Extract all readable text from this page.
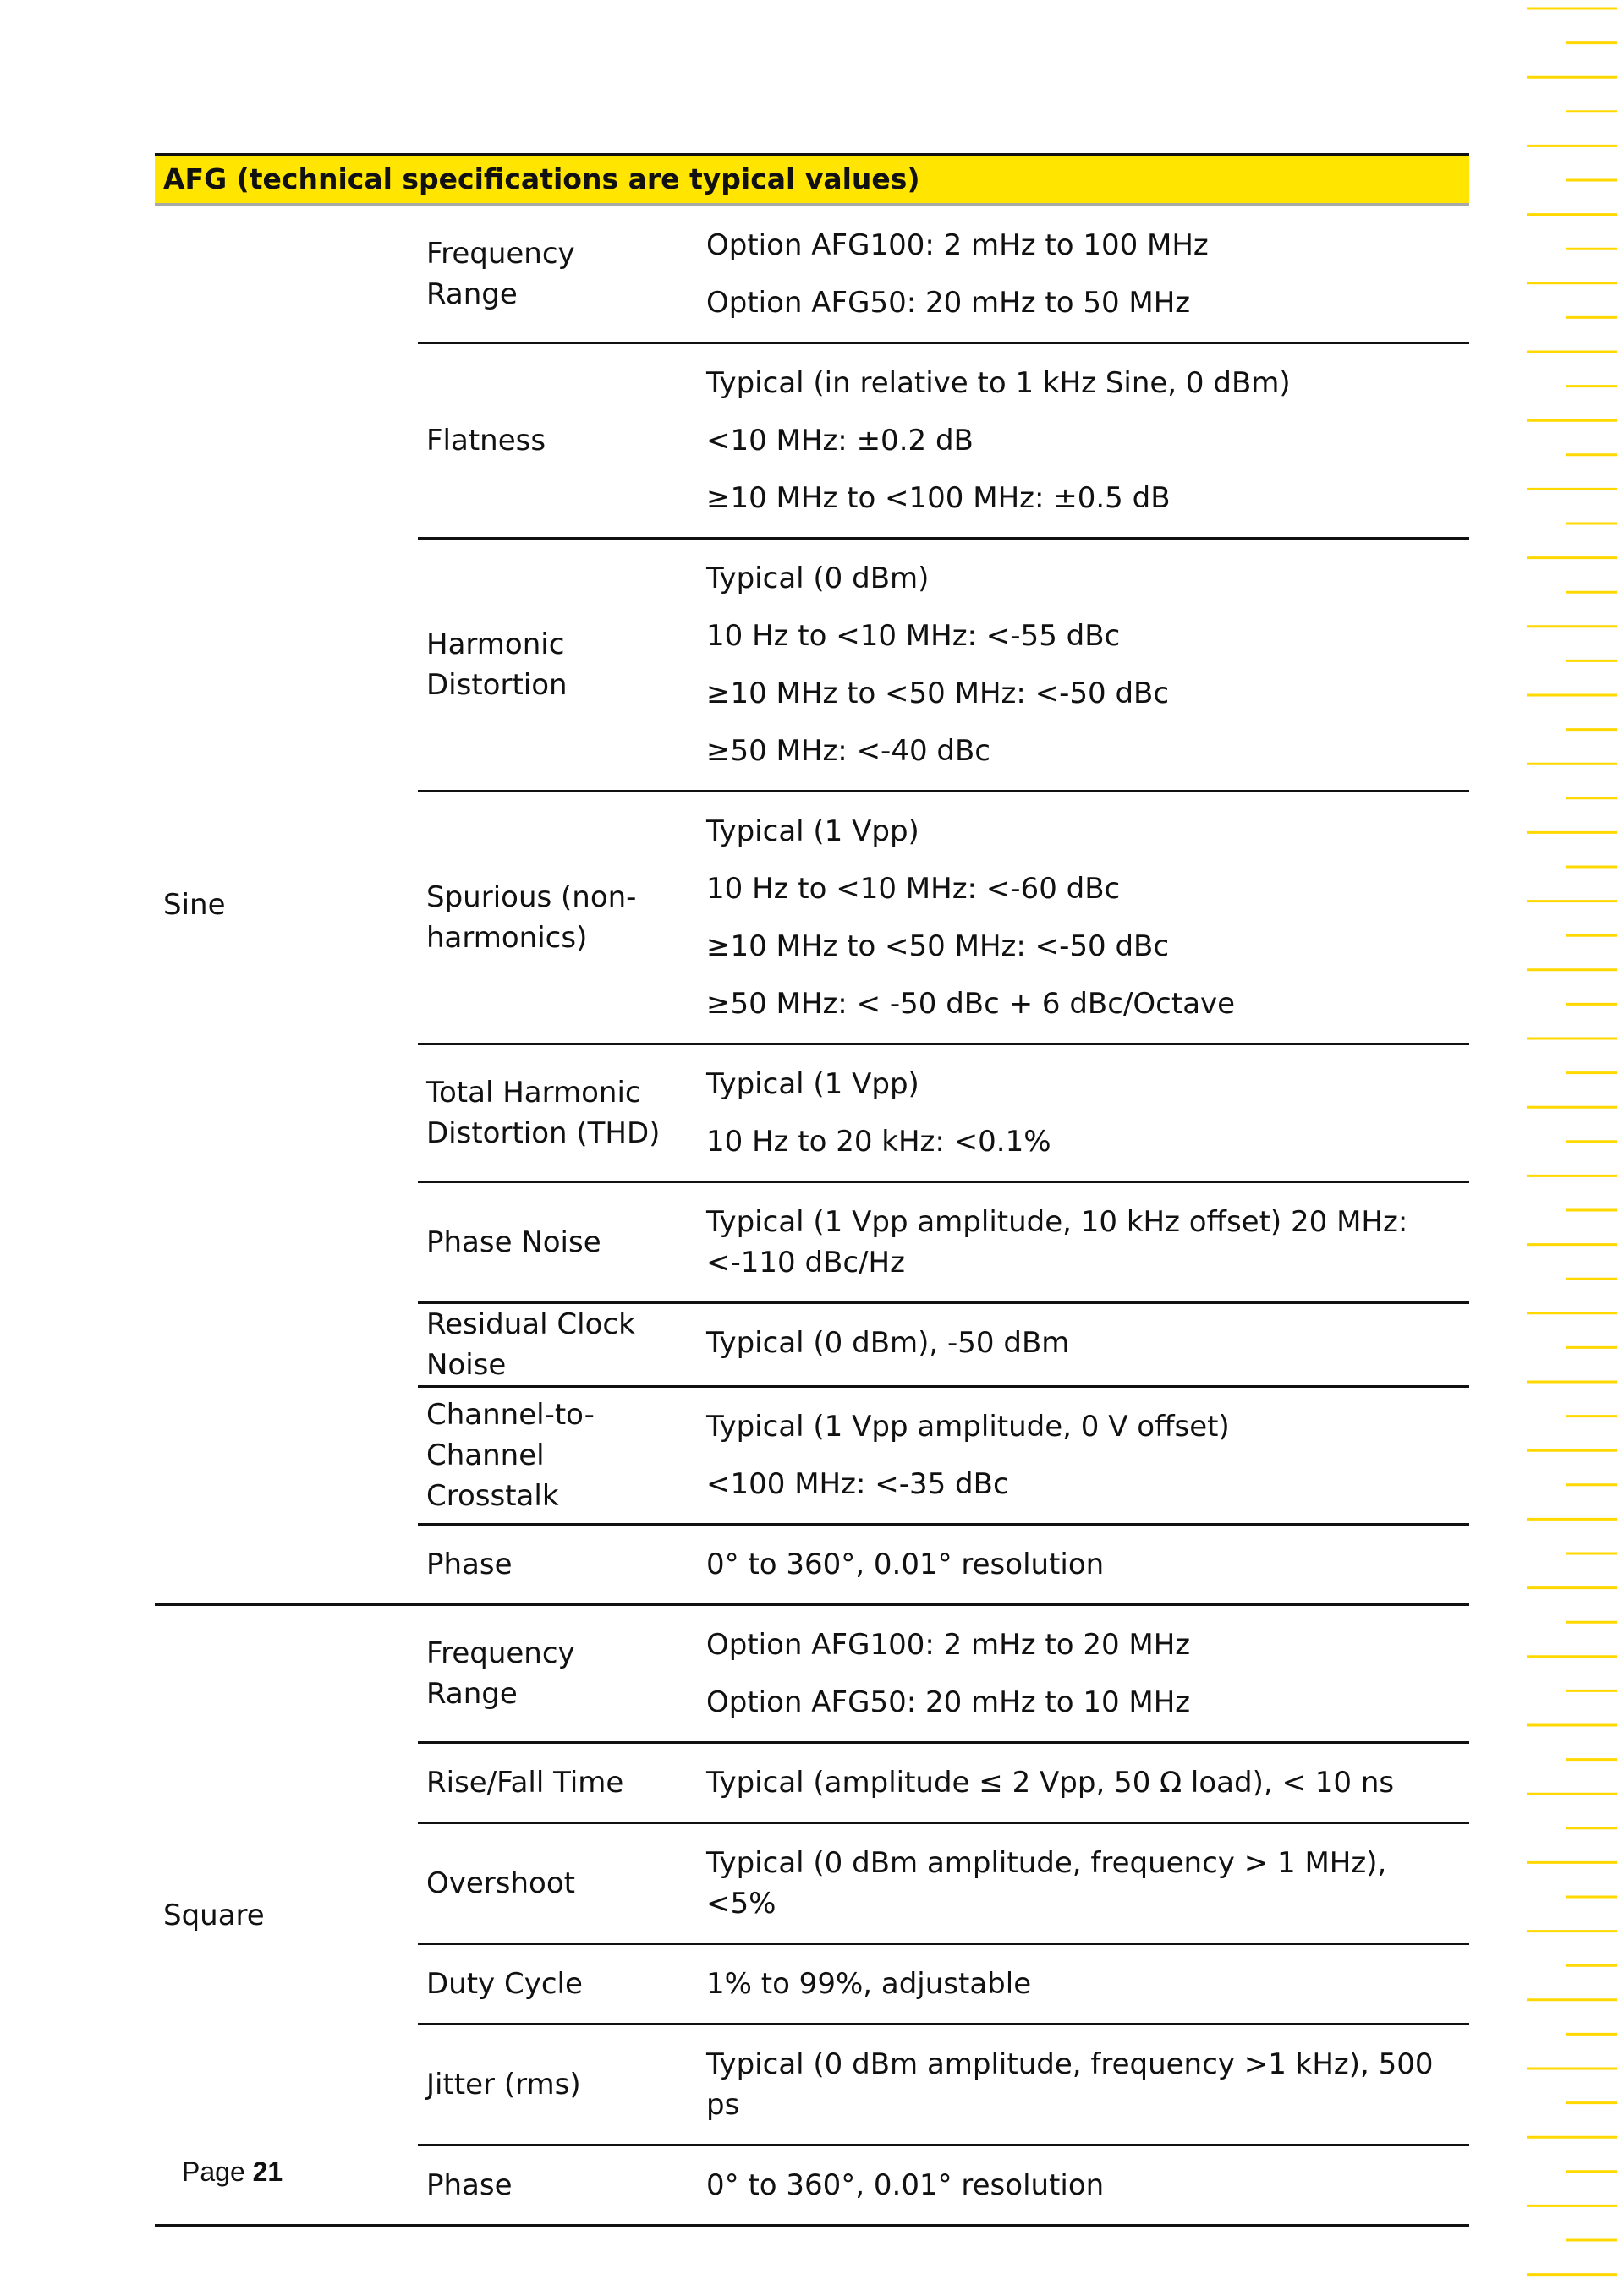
AFG (technical specifications are typical values)		
Sine	Frequency Range	Option AFG100: 2 mHz to 100 MHz
Option AFG50: 20 mHz to 50 MHz

	Flatness	Typical (in relative to 1 kHz Sine, 0 dBm)
<10 MHz: ±0.2 dB
≥10 MHz to <100 MHz: ±0.5 dB

	Harmonic Distortion	Typical (0 dBm)
10 Hz to <10 MHz: <-55 dBc
≥10 MHz to <50 MHz: <-50 dBc
≥50 MHz: <-40 dBc

	Spurious (non-harmonics)	Typical (1 Vpp)
10 Hz to <10 MHz: <-60 dBc
≥10 MHz to <50 MHz: <-50 dBc
≥50 MHz: < -50 dBc + 6 dBc/Octave

	Total Harmonic Distortion (THD)	Typical (1 Vpp)
10 Hz to 20 kHz: <0.1%

	Phase Noise	Typical (1 Vpp amplitude, 10 kHz offset) 20 MHz: <-110 dBc/Hz

	Residual Clock Noise	Typical (0 dBm), -50 dBm

	Channel-to-Channel Crosstalk	Typical (1 Vpp amplitude, 0 V offset)
<100 MHz: <-35 dBc

	Phase	0° to 360°, 0.01° resolution

Square	Frequency Range	Option AFG100: 2 mHz to 20 MHz
Option AFG50: 20 mHz to 10 MHz

	Rise/Fall Time	Typical (amplitude ≤ 2 Vpp, 50 Ω load), < 10 ns

	Overshoot	Typical (0 dBm amplitude, frequency > 1 MHz), <5%

	Duty Cycle	1% to 99%, adjustable

	Jitter (rms)	Typical (0 dBm amplitude, frequency >1 kHz), 500 ps

	Phase	0° to 360°, 0.01° resolution
Page 21
